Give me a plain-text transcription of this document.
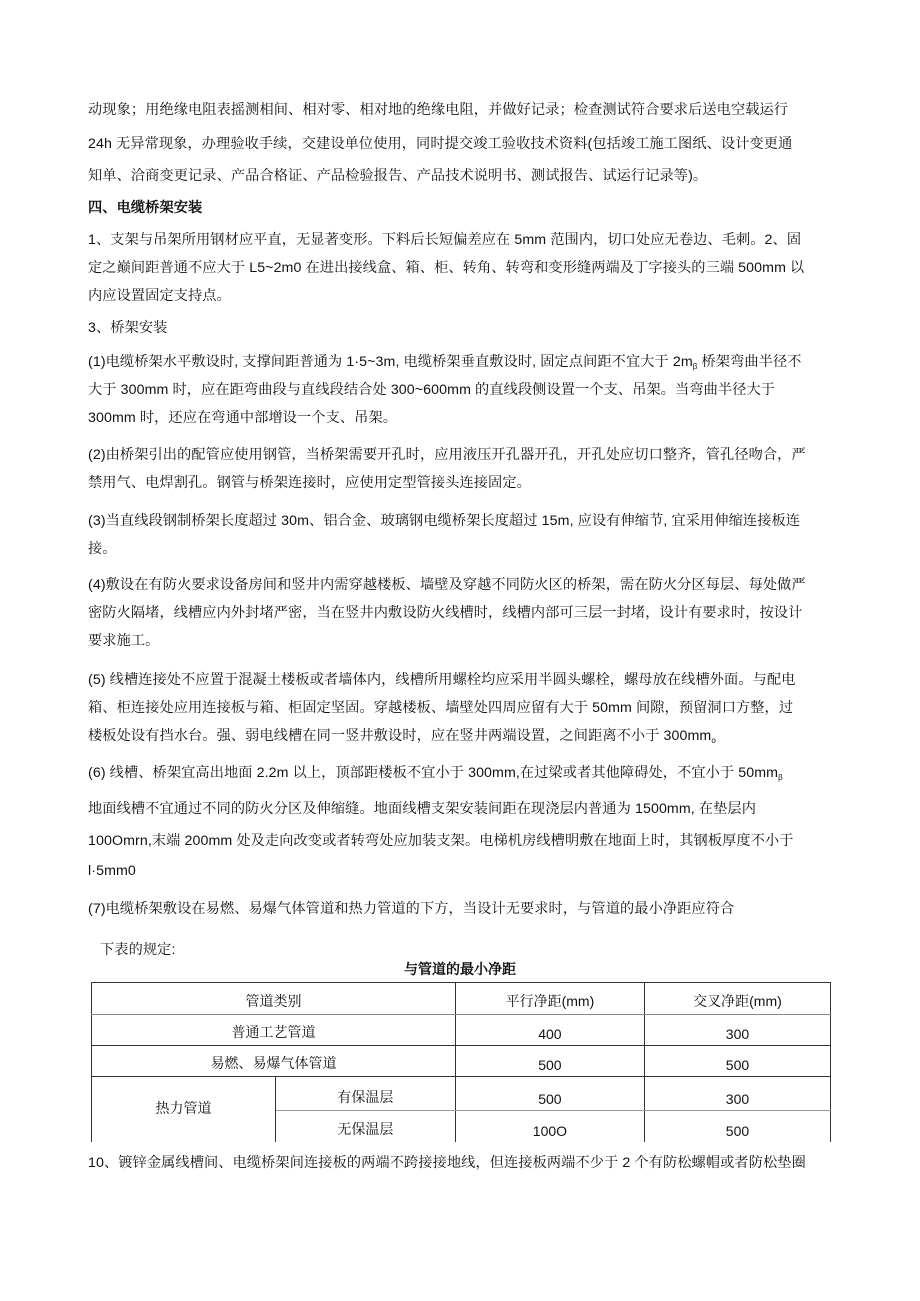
动现象；用绝缘电阻表摇测相间、相对零、相对地的绝缘电阻，并做好记录；检查测试符合要求后送电空载运行
24h 无异常现象，办理验收手续，交建设单位使用，同时提交竣工验收技术资料(包括竣工施工图纸、设计变更通
知单、洽商变更记录、产品合格证、产品检验报告、产品技术说明书、测试报告、试运行记录等)。
四、电缆桥架安装
1、支架与吊架所用钢材应平直，无显著变形。下料后长短偏差应在 5mm 范围内，切口处应无卷边、毛刺。2、固
定之巅间距普通不应大于 L5~2m0 在进出接线盒、箱、柜、转角、转弯和变形缝两端及丁字接头的三端 500mm 以
内应设置固定支持点。
3、桥架安装
(1)电缆桥架水平敷设时, 支撑间距普通为 1·5~3m, 电缆桥架垂直敷设时, 固定点间距不宜大于 $2m_\beta$ 桥架弯曲半径不
大于 300mm 时，应在距弯曲段与直线段结合处 300~600mm 的直线段侧设置一个支、吊架。当弯曲半径大于
300mm 时，还应在弯通中部增设一个支、吊架。
(2)由桥架引出的配管应使用钢管，当桥架需要开孔时，应用液压开孔器开孔，开孔处应切口整齐，管孔径吻合，严
禁用气、电焊割孔。钢管与桥架连接时，应使用定型管接头连接固定。
(3)当直线段钢制桥架长度超过 30m、铝合金、玻璃钢电缆桥架长度超过 15m, 应设有伸缩节, 宜采用伸缩连接板连
接。
(4)敷设在有防火要求设备房间和竖井内需穿越楼板、墙壁及穿越不同防火区的桥架，需在防火分区每层、每处做严
密防火隔堵，线槽应内外封堵严密，当在竖井内敷设防火线槽时，线槽内部可三层一封堵，设计有要求时，按设计
要求施工。
(5) 线槽连接处不应置于混凝土楼板或者墙体内，线槽所用螺栓均应采用半圆头螺栓，螺母放在线槽外面。与配电
箱、柜连接处应用连接板与箱、柜固定坚固。穿越楼板、墙壁处四周应留有大于 50mm 间隙，预留洞口方整，过
楼板处设有挡水台。强、弱电线槽在同一竖井敷设时，应在竖井两端设置，之间距离不小于 $300mm_o$
(6) 线槽、桥架宜高出地面 2.2m 以上，顶部距楼板不宜小于 300mm,在过梁或者其他障碍处，不宜小于 $50mm_\beta$
地面线槽不宜通过不同的防火分区及伸缩缝。地面线槽支架安装间距在现浇层内普通为 1500mm, 在垫层内
100Omrn,末端 200mm 处及走向改变或者转弯处应加装支架。电梯机房线槽明敷在地面上时，其钢板厚度不小于
l·5mm0
(7)电缆桥架敷设在易燃、易爆气体管道和热力管道的下方，当设计无要求时，与管道的最小净距应符合
下表的规定:
与管道的最小净距
管道类别		平行净距(mm)	交叉净距(mm)
普通工艺管道		400	300
易燃、易爆气体管道		500	500
热力管道	有保温层	500	300
	无保温层	100O	500
10、镀锌金属线槽间、电缆桥架间连接板的两端不跨接接地线，但连接板两端不少于 2 个有防松螺帽或者防松垫圈
